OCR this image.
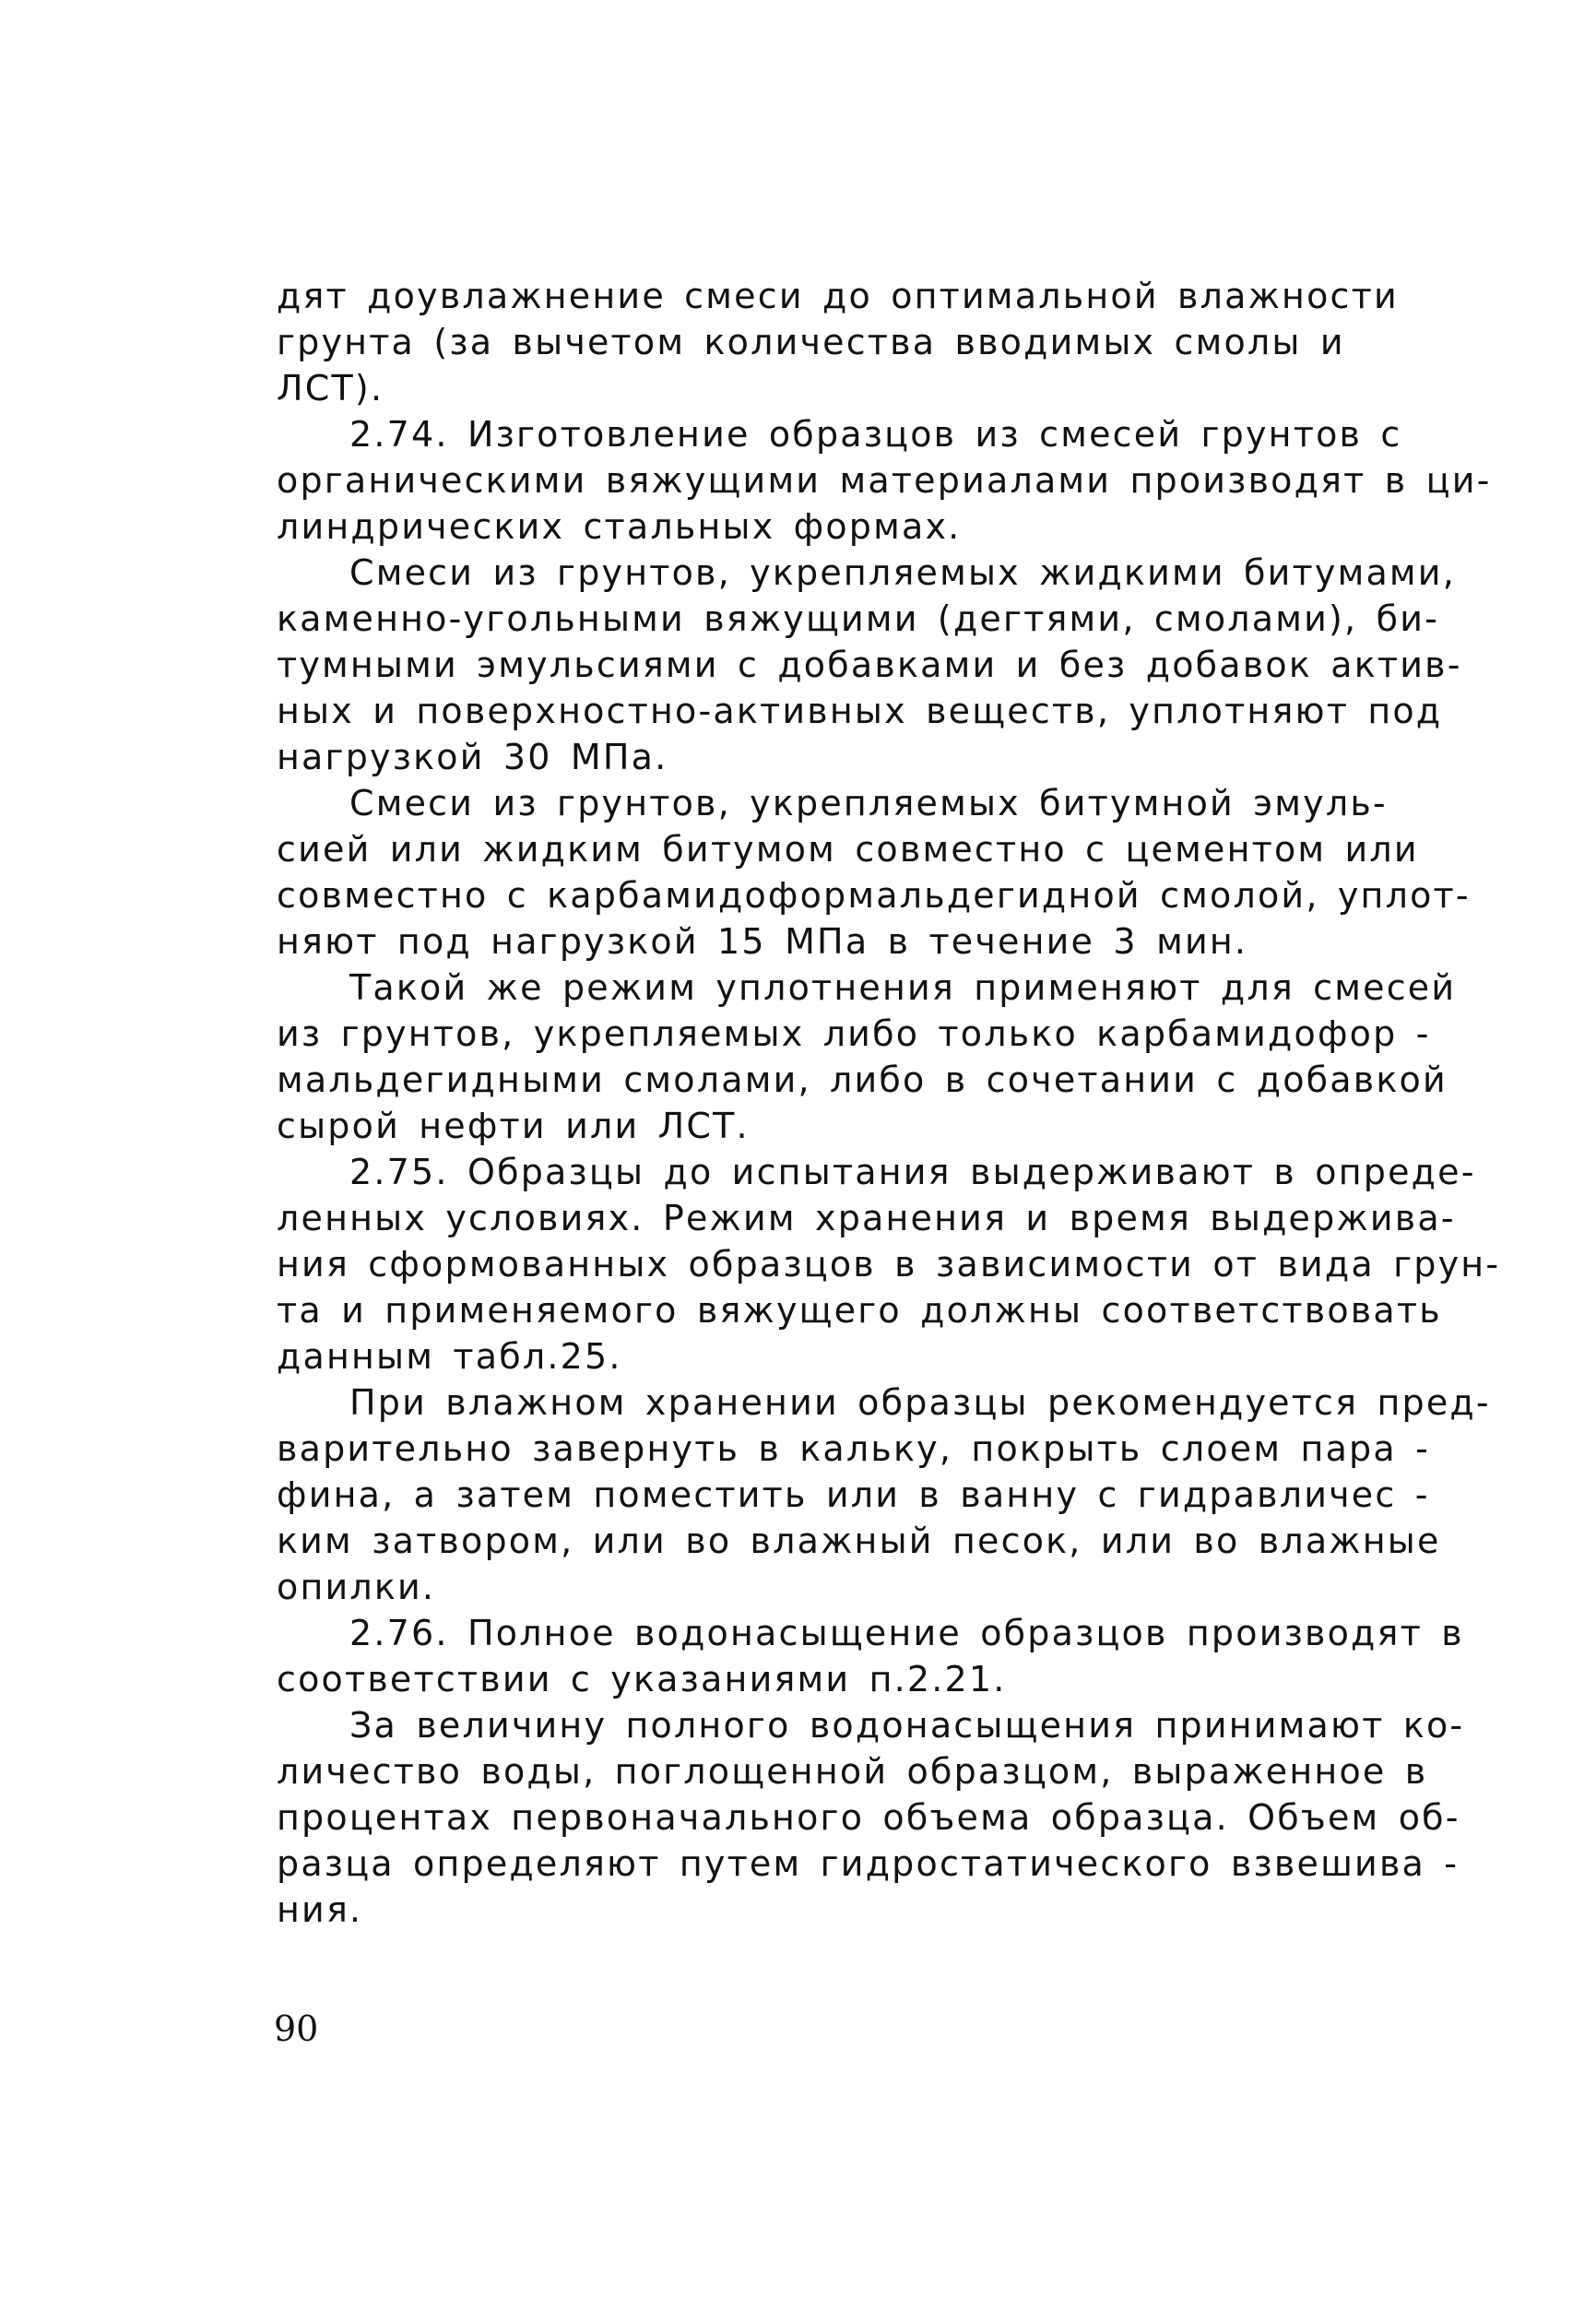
дят доувлажнение смеси до оптимальной влажности
грунта (за вычетом количества вводимых смолы и
ЛСТ).
2.74. Изготовление образцов из смесей грунтов с
органическими вяжущими материалами производят в ци-
линдрических стальных формах.
Смеси из грунтов, укрепляемых жидкими битумами,
каменно-угольными вяжущими (дегтями, смолами), би-
тумными эмульсиями с добавками и без добавок актив-
ных и поверхностно-активных веществ, уплотняют под
нагрузкой 30 МПа.
Смеси из грунтов, укрепляемых битумной эмуль-
сией или жидким битумом совместно с цементом или
совместно с карбамидоформальдегидной смолой, уплот-
няют под нагрузкой 15 МПа в течение 3 мин.
Такой же режим уплотнения применяют для смесей
из грунтов, укрепляемых либо только карбамидофор -
мальдегидными смолами, либо в сочетании с добавкой
сырой нефти или ЛСТ.
2.75. Образцы до испытания выдерживают в опреде-
ленных условиях. Режим хранения и время выдержива-
ния сформованных образцов в зависимости от вида грун-
та и применяемого вяжущего должны соответствовать
данным табл.25.
При влажном хранении образцы рекомендуется пред-
варительно завернуть в кальку, покрыть слоем пара -
фина, а затем поместить или в ванну с гидравличес -
ким затвором, или во влажный песок, или во влажные
опилки.
2.76. Полное водонасыщение образцов производят в
соответствии с указаниями п.2.21.
За величину полного водонасыщения принимают ко-
личество воды, поглощенной образцом, выраженное в
процентах первоначального объема образца. Объем об-
разца определяют путем гидростатического взвешива -
ния.
90
